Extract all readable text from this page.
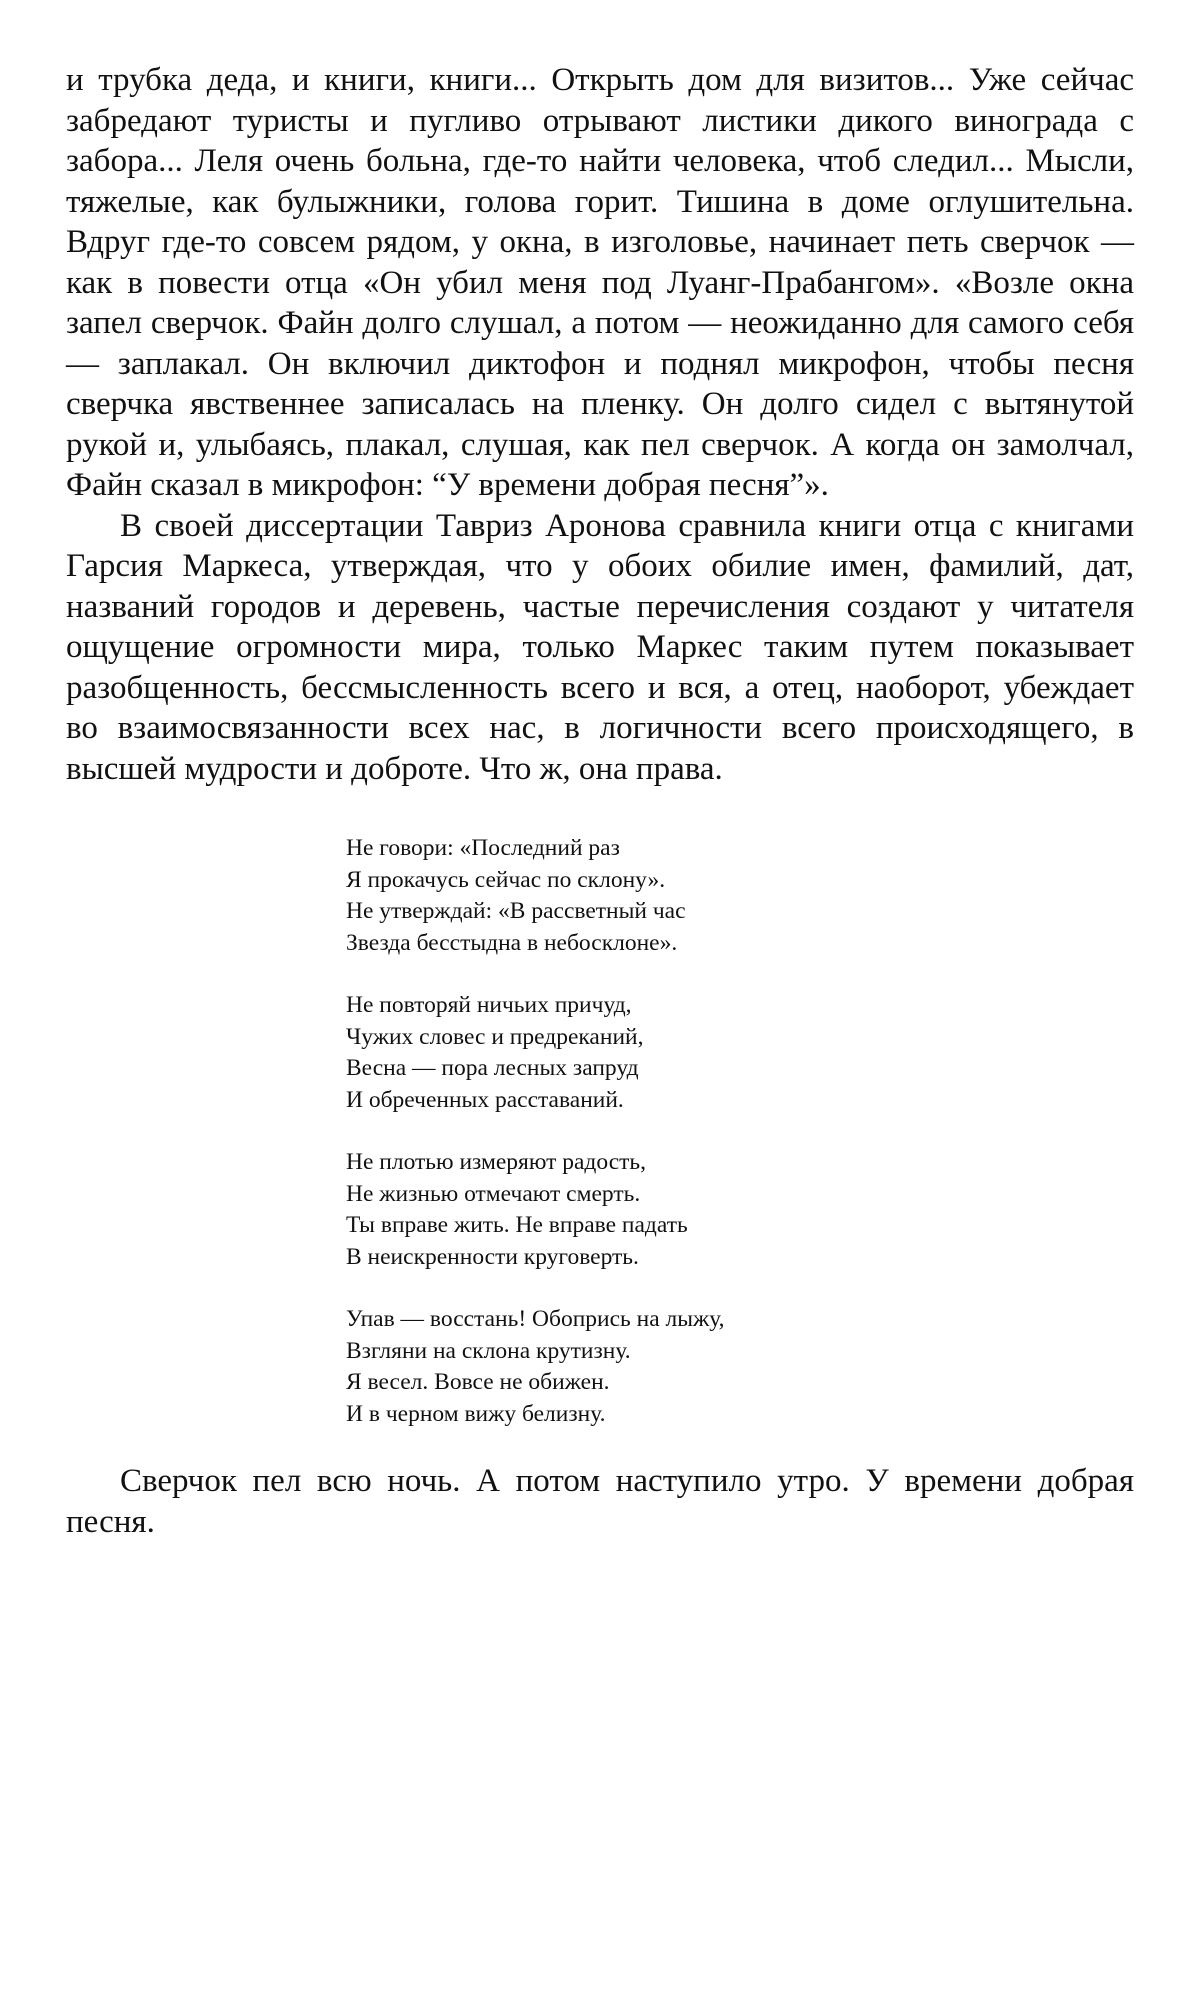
и трубка деда, и книги, книги... Открыть дом для визитов... Уже сейчас забредают туристы и пугливо отрывают листики дикого винограда с забора... Леля очень больна, где-то найти человека, чтоб следил... Мысли, тяжелые, как булыжники, голова горит. Тишина в доме оглушительна. Вдруг где-то совсем рядом, у окна, в изголовье, начинает петь сверчок — как в повести отца «Он убил меня под Луанг-Прабангом». «Возле окна запел сверчок. Файн долго слушал, а потом — неожиданно для самого себя — заплакал. Он включил диктофон и поднял микрофон, чтобы песня сверчка явственнее записалась на пленку. Он долго сидел с вытянутой рукой и, улыбаясь, плакал, слушая, как пел сверчок. А когда он замолчал, Файн сказал в микрофон: “У времени добрая песня”».

В своей диссертации Тавриз Аронова сравнила книги отца с книгами Гарсия Маркеса, утверждая, что у обоих обилие имен, фамилий, дат, названий городов и деревень, частые перечисления создают у читателя ощущение огромности мира, только Маркес таким путем показывает разобщенность, бессмысленность всего и вся, а отец, наоборот, убеждает во взаимосвязанности всех нас, в логичности всего происходящего, в высшей мудрости и доброте. Что ж, она права.

Не говори: «Последний раз
Я прокачусь сейчас по склону».
Не утверждай: «В рассветный час
Звезда бесстыдна в небосклоне».
Не повторяй ничьих причуд,
Чужих словес и предреканий,
Весна — пора лесных запруд
И обреченных расставаний.
Не плотью измеряют радость,
Не жизнью отмечают смерть.
Ты вправе жить. Не вправе падать
В неискренности круговерть.
Упав — восстань! Обопрись на лыжу,
Взгляни на склона крутизну.
Я весел. Вовсе не обижен.
И в черном вижу белизну.

Сверчок пел всю ночь. А потом наступило утро. У времени добрая песня.
